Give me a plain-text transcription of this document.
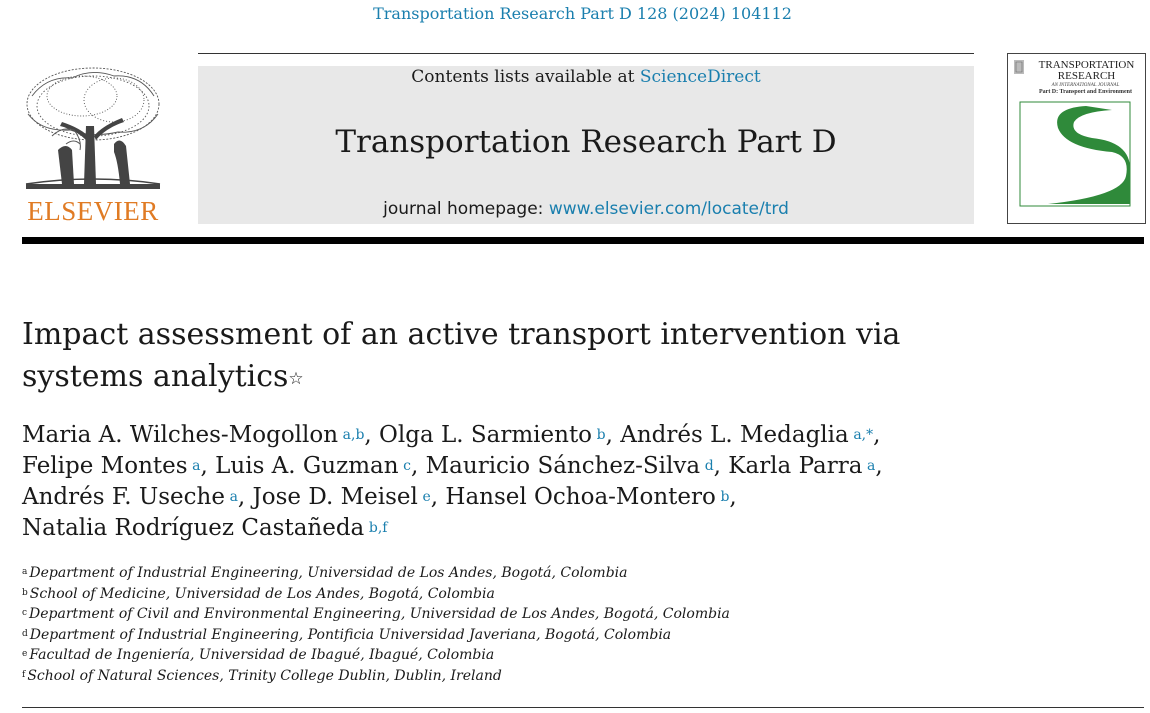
Transportation Research Part D 128 (2024) 104112
ELSEVIER
Contents lists available at ScienceDirect
Transportation Research Part D
journal homepage: www.elsevier.com/locate/trd
TRANSPORTATION
RESEARCH
AN INTERNATIONAL JOURNAL
Part D: Transport and Environment
Impact assessment of an active transport intervention via
systems analytics☆
Maria A. Wilches-Mogollon  $^{a,b}$, Olga L. Sarmiento  $^b$, Andrés L. Medaglia  $^{a,*}$,
Felipe Montes  $^a$, Luis A. Guzman  $^c$, Mauricio Sánchez-Silva  $^d$, Karla Parra  $^a$,
Andrés F. Useche  $^a$, Jose D. Meisel  $^e$, Hansel Ochoa-Montero  $^b$,
Natalia Rodríguez Castañeda  $^{b,f}$
$^a$ Department of Industrial Engineering, Universidad de Los Andes, Bogotá, Colombia
$^b$ School of Medicine, Universidad de Los Andes, Bogotá, Colombia
$^c$ Department of Civil and Environmental Engineering, Universidad de Los Andes, Bogotá, Colombia
$^d$ Department of Industrial Engineering, Pontificia Universidad Javeriana, Bogotá, Colombia
$^e$ Facultad de Ingeniería, Universidad de Ibagué, Ibagué, Colombia
$^f$ School of Natural Sciences, Trinity College Dublin, Dublin, Ireland
